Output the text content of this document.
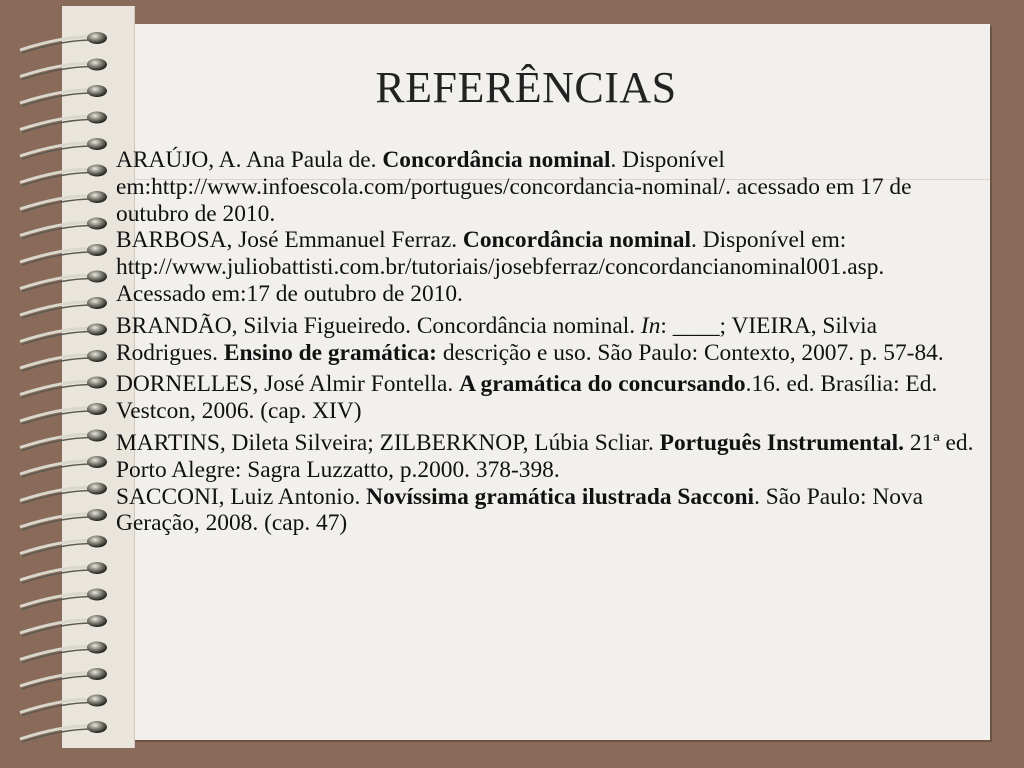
REFERÊNCIAS

ARAÚJO, A. Ana Paula de. Concordância nominal. Disponível em:http://www.infoescola.com/portugues/concordancia-nominal/. acessado em 17 de outubro de 2010.

BARBOSA, José Emmanuel Ferraz. Concordância nominal. Disponível em: http://www.juliobattisti.com.br/tutoriais/josebferraz/concordancianominal001.asp. Acessado em:17 de outubro de 2010.

BRANDÃO, Silvia Figueiredo. Concordância nominal. In: ____; VIEIRA, Silvia Rodrigues. Ensino de gramática: descrição e uso. São Paulo: Contexto, 2007. p. 57-84.

DORNELLES, José Almir Fontella. A gramática do concursando.16. ed. Brasília: Ed. Vestcon, 2006. (cap. XIV)

MARTINS, Dileta Silveira; ZILBERKNOP, Lúbia Scliar. Português Instrumental. 21ª ed. Porto Alegre: Sagra Luzzatto, p.2000. 378-398.

SACCONI, Luiz Antonio. Novíssima gramática ilustrada Sacconi. São Paulo: Nova Geração, 2008. (cap. 47)
